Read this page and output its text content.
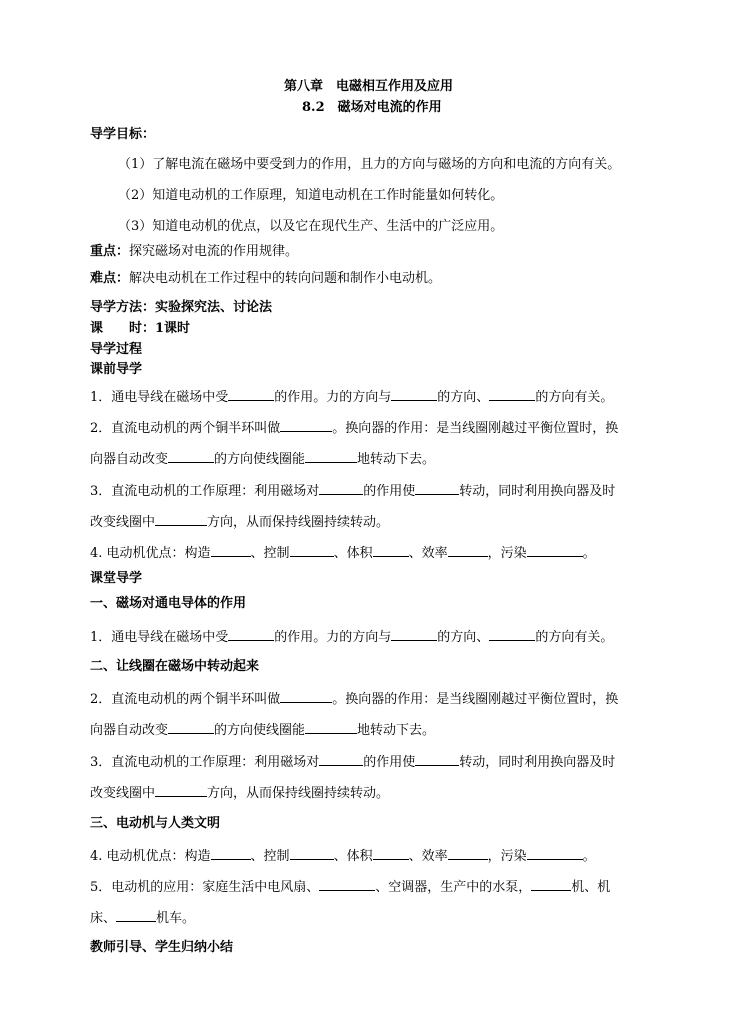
第八章　电磁相互作用及应用
8.2　磁场对电流的作用
导学目标：
（1）了解电流在磁场中要受到力的作用，且力的方向与磁场的方向和电流的方向有关。
（2）知道电动机的工作原理，知道电动机在工作时能量如何转化。
（3）知道电动机的优点，以及它在现代生产、生活中的广泛应用。
重点：探究磁场对电流的作用规律。
难点：解决电动机在工作过程中的转向问题和制作小电动机。
导学方法：实验探究法、讨论法
课　　时：1课时
导学过程
课前导学
1．通电导线在磁场中受	的作用。力的方向与	的方向、	的方向有关。
2．直流电动机的两个铜半环叫做	。换向器的作用：是当线圈刚越过平衡位置时，换
向器自动改变	的方向使线圈能	地转动下去。
3．直流电动机的工作原理：利用磁场对	的作用使	转动，同时利用换向器及时
改变线圈中	方向，从而保持线圈持续转动。
4. 电动机优点：构造	、控制	、体积	、效率	，污染	。
课堂导学
一、磁场对通电导体的作用
1．通电导线在磁场中受	的作用。力的方向与	的方向、	的方向有关。
二、让线圈在磁场中转动起来
2．直流电动机的两个铜半环叫做	。换向器的作用：是当线圈刚越过平衡位置时，换
向器自动改变	的方向使线圈能	地转动下去。
3．直流电动机的工作原理：利用磁场对	的作用使	转动，同时利用换向器及时
改变线圈中	方向，从而保持线圈持续转动。
三、电动机与人类文明
4. 电动机优点：构造	、控制	、体积	、效率	，污染	。
5．电动机的应用：家庭生活中电风扇、	、空调器，生产中的水泵，	机、机
床、	机车。
教师引导、学生归纳小结
